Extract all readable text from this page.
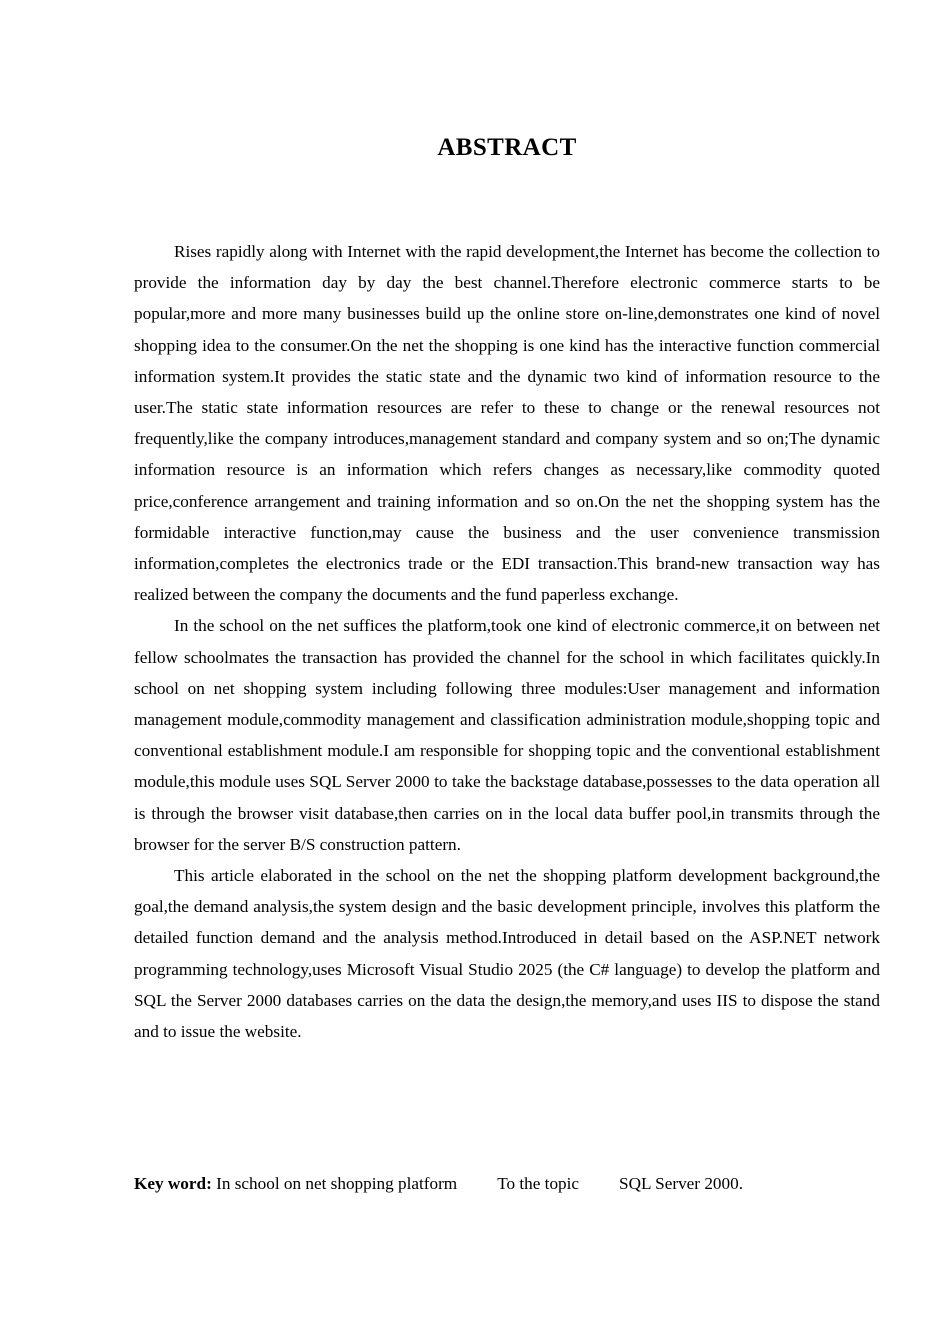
ABSTRACT

Rises rapidly along with Internet with the rapid development,the Internet has become the collection to provide the information day by day the best channel.Therefore electronic commerce starts to be popular,more and more many businesses build up the online store on-line,demonstrates one kind of novel shopping idea to the consumer.On the net the shopping is one kind has the interactive function commercial information system.It provides the static state and the dynamic two kind of information resource to the user.The static state information resources are refer to these to change or the renewal resources not frequently,like the company introduces,management standard and company system and so on;The dynamic information resource is an information which refers changes as necessary,like commodity quoted price,conference arrangement and training information and so on.On the net the shopping system has the formidable interactive function,may cause the business and the user convenience transmission information,completes the electronics trade or the EDI transaction.This brand-new transaction way has realized between the company the documents and the fund paperless exchange.

In the school on the net suffices the platform,took one kind of electronic commerce,it on between net fellow schoolmates the transaction has provided the channel for the school in which facilitates quickly.In school on net shopping system including following three modules:User management and information management module,commodity management and classification administration module,shopping topic and conventional establishment module.I am responsible for shopping topic and the conventional establishment module,this module uses SQL Server 2000 to take the backstage database,possesses to the data operation all is through the browser visit database,then carries on in the local data buffer pool,in transmits through the browser for the server B/S construction pattern.

This article elaborated in the school on the net the shopping platform development background,the goal,the demand analysis,the system design and the basic development principle, involves this platform the detailed function demand and the analysis method.Introduced in detail based on the ASP.NET network programming technology,uses Microsoft Visual Studio 2025 (the C# language) to develop the platform and SQL the Server 2000 databases carries on the data the design,the memory,and uses IIS to dispose the stand and to issue the website.

Key word: In school on net shopping platform To the topic SQL Server 2000.
